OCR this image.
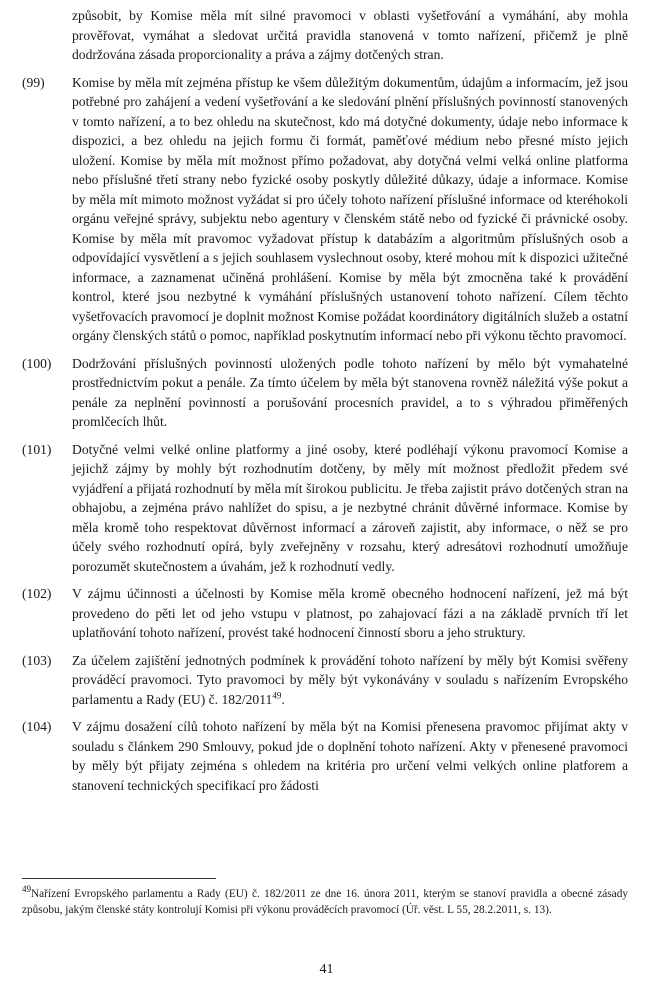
způsobit, by Komise měla mít silné pravomoci v oblasti vyšetřování a vymáhání, aby mohla prověřovat, vymáhat a sledovat určitá pravidla stanovená v tomto nařízení, přičemž je plně dodržována zásada proporcionality a práva a zájmy dotčených stran.

(99) Komise by měla mít zejména přístup ke všem důležitým dokumentům, údajům a informacím, jež jsou potřebné pro zahájení a vedení vyšetřování a ke sledování plnění příslušných povinností stanovených v tomto nařízení, a to bez ohledu na skutečnost, kdo má dotyčné dokumenty, údaje nebo informace k dispozici, a bez ohledu na jejich formu či formát, paměťové médium nebo přesné místo jejich uložení. Komise by měla mít možnost přímo požadovat, aby dotyčná velmi velká online platforma nebo příslušné třetí strany nebo fyzické osoby poskytly důležité důkazy, údaje a informace. Komise by měla mít mimoto možnost vyžádat si pro účely tohoto nařízení příslušné informace od kteréhokoli orgánu veřejné správy, subjektu nebo agentury v členském státě nebo od fyzické či právnické osoby. Komise by měla mít pravomoc vyžadovat přístup k databázím a algoritmům příslušných osob a odpovídající vysvětlení a s jejich souhlasem vyslechnout osoby, které mohou mít k dispozici užitečné informace, a zaznamenat učiněná prohlášení. Komise by měla být zmocněna také k provádění kontrol, které jsou nezbytné k vymáhání příslušných ustanovení tohoto nařízení. Cílem těchto vyšetřovacích pravomocí je doplnit možnost Komise požádat koordinátory digitálních služeb a ostatní orgány členských států o pomoc, například poskytnutím informací nebo při výkonu těchto pravomocí.
(100) Dodržování příslušných povinností uložených podle tohoto nařízení by mělo být vymahatelné prostřednictvím pokut a penále. Za tímto účelem by měla být stanovena rovněž náležitá výše pokut a penále za neplnění povinností a porušování procesních pravidel, a to s výhradou přiměřených promlčecích lhůt.
(101) Dotyčné velmi velké online platformy a jiné osoby, které podléhají výkonu pravomocí Komise a jejichž zájmy by mohly být rozhodnutím dotčeny, by měly mít možnost předložit předem své vyjádření a přijatá rozhodnutí by měla mít širokou publicitu. Je třeba zajistit právo dotčených stran na obhajobu, a zejména právo nahlížet do spisu, a je nezbytné chránit důvěrné informace. Komise by měla kromě toho respektovat důvěrnost informací a zároveň zajistit, aby informace, o něž se pro účely svého rozhodnutí opírá, byly zveřejněny v rozsahu, který adresátovi rozhodnutí umožňuje porozumět skutečnostem a úvahám, jež k rozhodnutí vedly.
(102) V zájmu účinnosti a účelnosti by Komise měla kromě obecného hodnocení nařízení, jež má být provedeno do pěti let od jeho vstupu v platnost, po zahajovací fázi a na základě prvních tří let uplatňování tohoto nařízení, provést také hodnocení činností sboru a jeho struktury.
(103) Za účelem zajištění jednotných podmínek k provádění tohoto nařízení by měly být Komisi svěřeny prováděcí pravomoci. Tyto pravomoci by měly být vykonávány v souladu s nařízením Evropského parlamentu a Rady (EU) č. 182/2011$^{49}$.
(104) V zájmu dosažení cílů tohoto nařízení by měla být na Komisi přenesena pravomoc přijímat akty v souladu s článkem 290 Smlouvy, pokud jde o doplnění tohoto nařízení. Akty v přenesené pravomoci by měly být přijaty zejména s ohledem na kritéria pro určení velmi velkých online platforem a stanovení technických specifikací pro žádosti
$^{49}$Nařízení Evropského parlamentu a Rady (EU) č. 182/2011 ze dne 16. února 2011, kterým se stanoví pravidla a obecné zásady způsobu, jakým členské státy kontrolují Komisi při výkonu prováděcích pravomocí (Úř. věst. L 55, 28.2.2011, s. 13).
41
